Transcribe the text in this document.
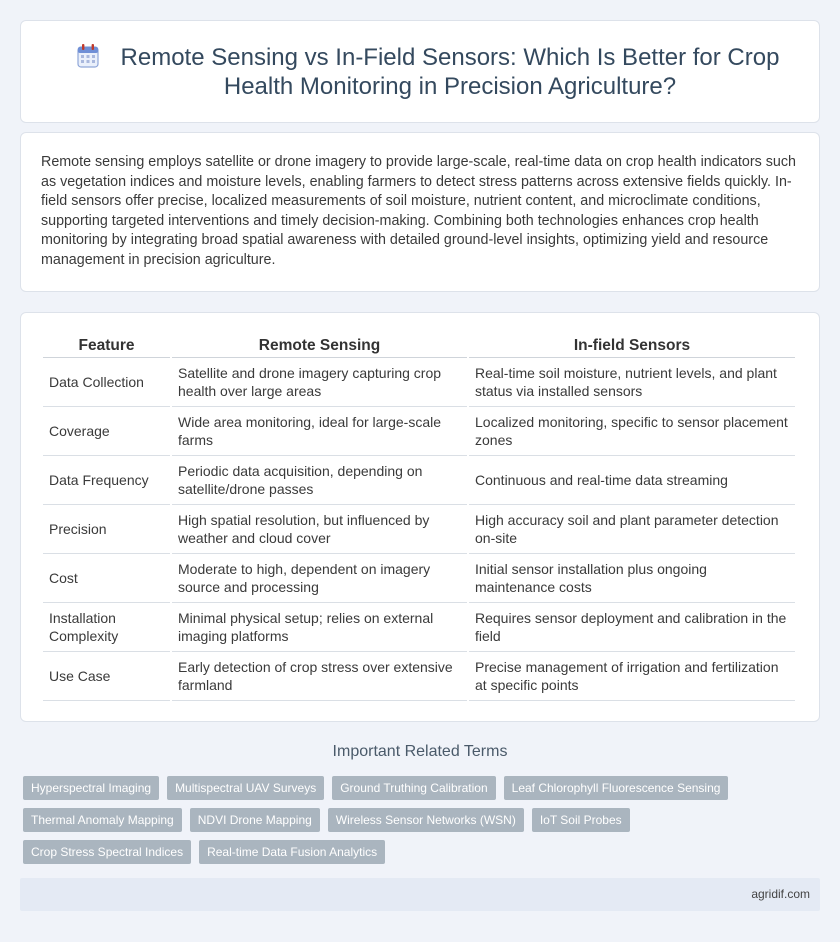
Remote Sensing vs In-Field Sensors: Which Is Better for Crop Health Monitoring in Precision Agriculture?

Remote sensing employs satellite or drone imagery to provide large-scale, real-time data on crop health indicators such as vegetation indices and moisture levels, enabling farmers to detect stress patterns across extensive fields quickly. In-field sensors offer precise, localized measurements of soil moisture, nutrient content, and microclimate conditions, supporting targeted interventions and timely decision-making. Combining both technologies enhances crop health monitoring by integrating broad spatial awareness with detailed ground-level insights, optimizing yield and resource management in precision agriculture.

Feature	Remote Sensing	In-field Sensors
Data Collection	Satellite and drone imagery capturing crop health over large areas	Real-time soil moisture, nutrient levels, and plant status via installed sensors
Coverage	Wide area monitoring, ideal for large-scale farms	Localized monitoring, specific to sensor placement zones
Data Frequency	Periodic data acquisition, depending on satellite/drone passes	Continuous and real-time data streaming
Precision	High spatial resolution, but influenced by weather and cloud cover	High accuracy soil and plant parameter detection on-site
Cost	Moderate to high, dependent on imagery source and processing	Initial sensor installation plus ongoing maintenance costs
Installation Complexity	Minimal physical setup; relies on external imaging platforms	Requires sensor deployment and calibration in the field
Use Case	Early detection of crop stress over extensive farmland	Precise management of irrigation and fertilization at specific points
Important Related Terms
Hyperspectral Imaging	Multispectral UAV Surveys	Ground Truthing Calibration	Leaf Chlorophyll Fluorescence Sensing
Thermal Anomaly Mapping	NDVI Drone Mapping	Wireless Sensor Networks (WSN)	IoT Soil Probes
Crop Stress Spectral Indices	Real-time Data Fusion Analytics
agridif.com
